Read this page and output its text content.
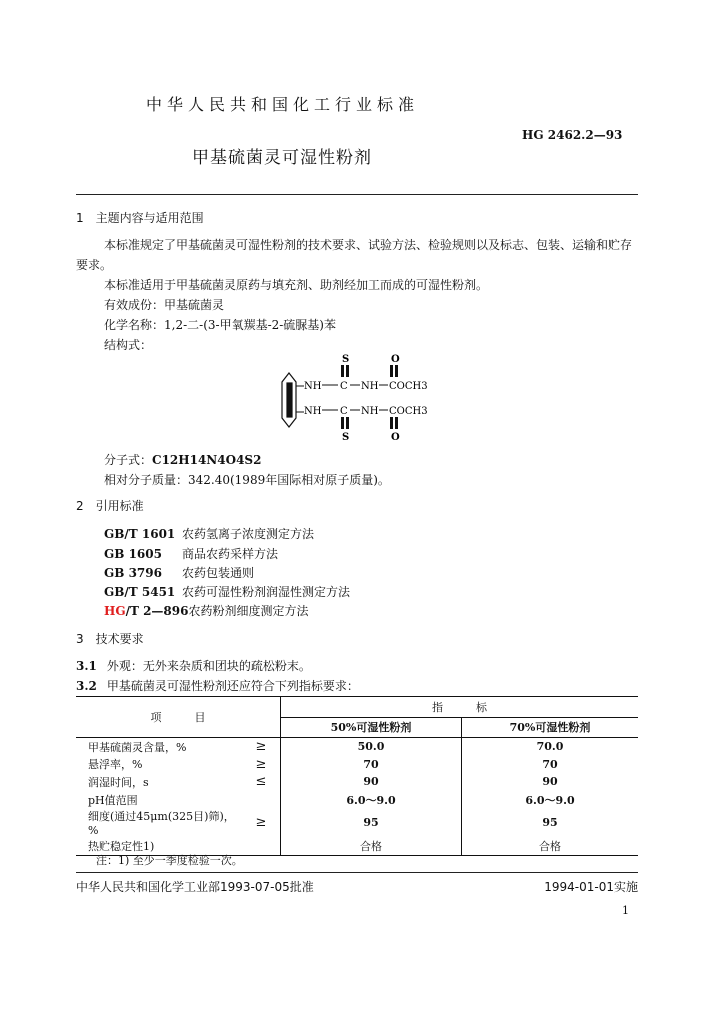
中华人民共和国化工行业标准
HG 2462.2—93
甲基硫菌灵可湿性粉剂
1　主题内容与适用范围
本标准规定了甲基硫菌灵可湿性粉剂的技术要求、试验方法、检验规则以及标志、包装、运输和贮存
要求。
本标准适用于甲基硫菌灵原药与填充剂、助剂经加工而成的可湿性粉剂。
有效成份：甲基硫菌灵
化学名称：1,2-二-(3-甲氧羰基-2-硫脲基)苯
结构式：
S	O
NH C NH COCH3
NH C NH COCH3
S	O
分子式：C12H14N4O4S2
相对分子质量：342.40(1989年国际相对原子质量)。
2　引用标准
GB/T 1601 农药氢离子浓度测定方法
GB 1605 商品农药采样方法
GB 3796 农药包装通则
GB/T 5451 农药可湿性粉剂润湿性测定方法
HG/T 2—896农药粉剂细度测定方法
3　技术要求
3.1 外观：无外来杂质和团块的疏松粉末。
3.2 甲基硫菌灵可湿性粉剂还应符合下列指标要求：
项　　　目		指　　　标	
		50%可湿性粉剂	70%可湿性粉剂
甲基硫菌灵含量，%	≥	50.0	70.0
悬浮率，%	≥	70	70
润湿时间，s	≤	90	90
pH值范围		6.0～9.0	6.0～9.0
细度(通过45μm(325目)筛)，%	≥	95	95
热贮稳定性1)		合格	合格
注：1) 至少一季度检验一次。
中华人民共和国化学工业部1993-07-05批准	1994-01-01实施
1
